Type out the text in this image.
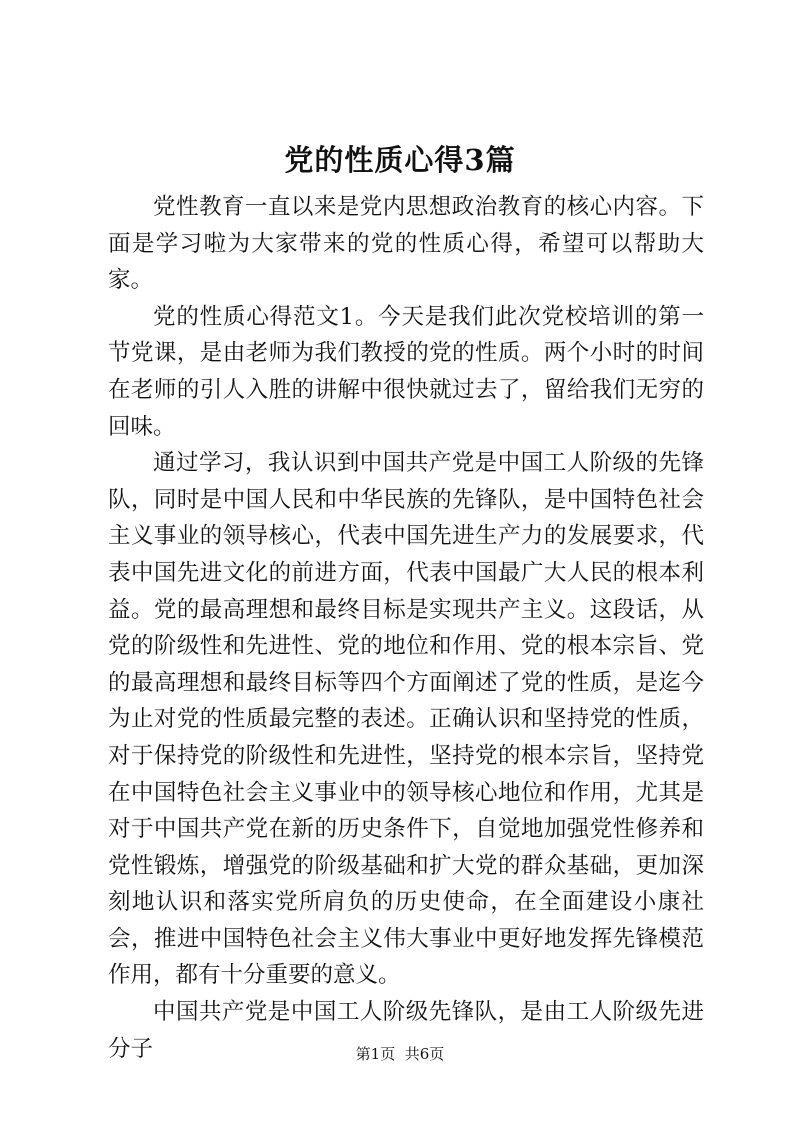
党的性质心得3篇

党性教育一直以来是党内思想政治教育的核心内容。下面是学习啦为大家带来的党的性质心得，希望可以帮助大家。

党的性质心得范文1。今天是我们此次党校培训的第一节党课，是由老师为我们教授的党的性质。两个小时的时间在老师的引人入胜的讲解中很快就过去了，留给我们无穷的回味。

通过学习，我认识到中国共产党是中国工人阶级的先锋队，同时是中国人民和中华民族的先锋队，是中国特色社会主义事业的领导核心，代表中国先进生产力的发展要求，代表中国先进文化的前进方面，代表中国最广大人民的根本利益。党的最高理想和最终目标是实现共产主义。这段话，从党的阶级性和先进性、党的地位和作用、党的根本宗旨、党的最高理想和最终目标等四个方面阐述了党的性质，是迄今为止对党的性质最完整的表述。正确认识和坚持党的性质，对于保持党的阶级性和先进性，坚持党的根本宗旨，坚持党在中国特色社会主义事业中的领导核心地位和作用，尤其是对于中国共产党在新的历史条件下，自觉地加强党性修养和党性锻炼，增强党的阶级基础和扩大党的群众基础，更加深刻地认识和落实党所肩负的历史使命，在全面建设小康社会，推进中国特色社会主义伟大事业中更好地发挥先锋模范作用，都有十分重要的意义。

中国共产党是中国工人阶级先锋队，是由工人阶级先进分子	第1页 共6页
